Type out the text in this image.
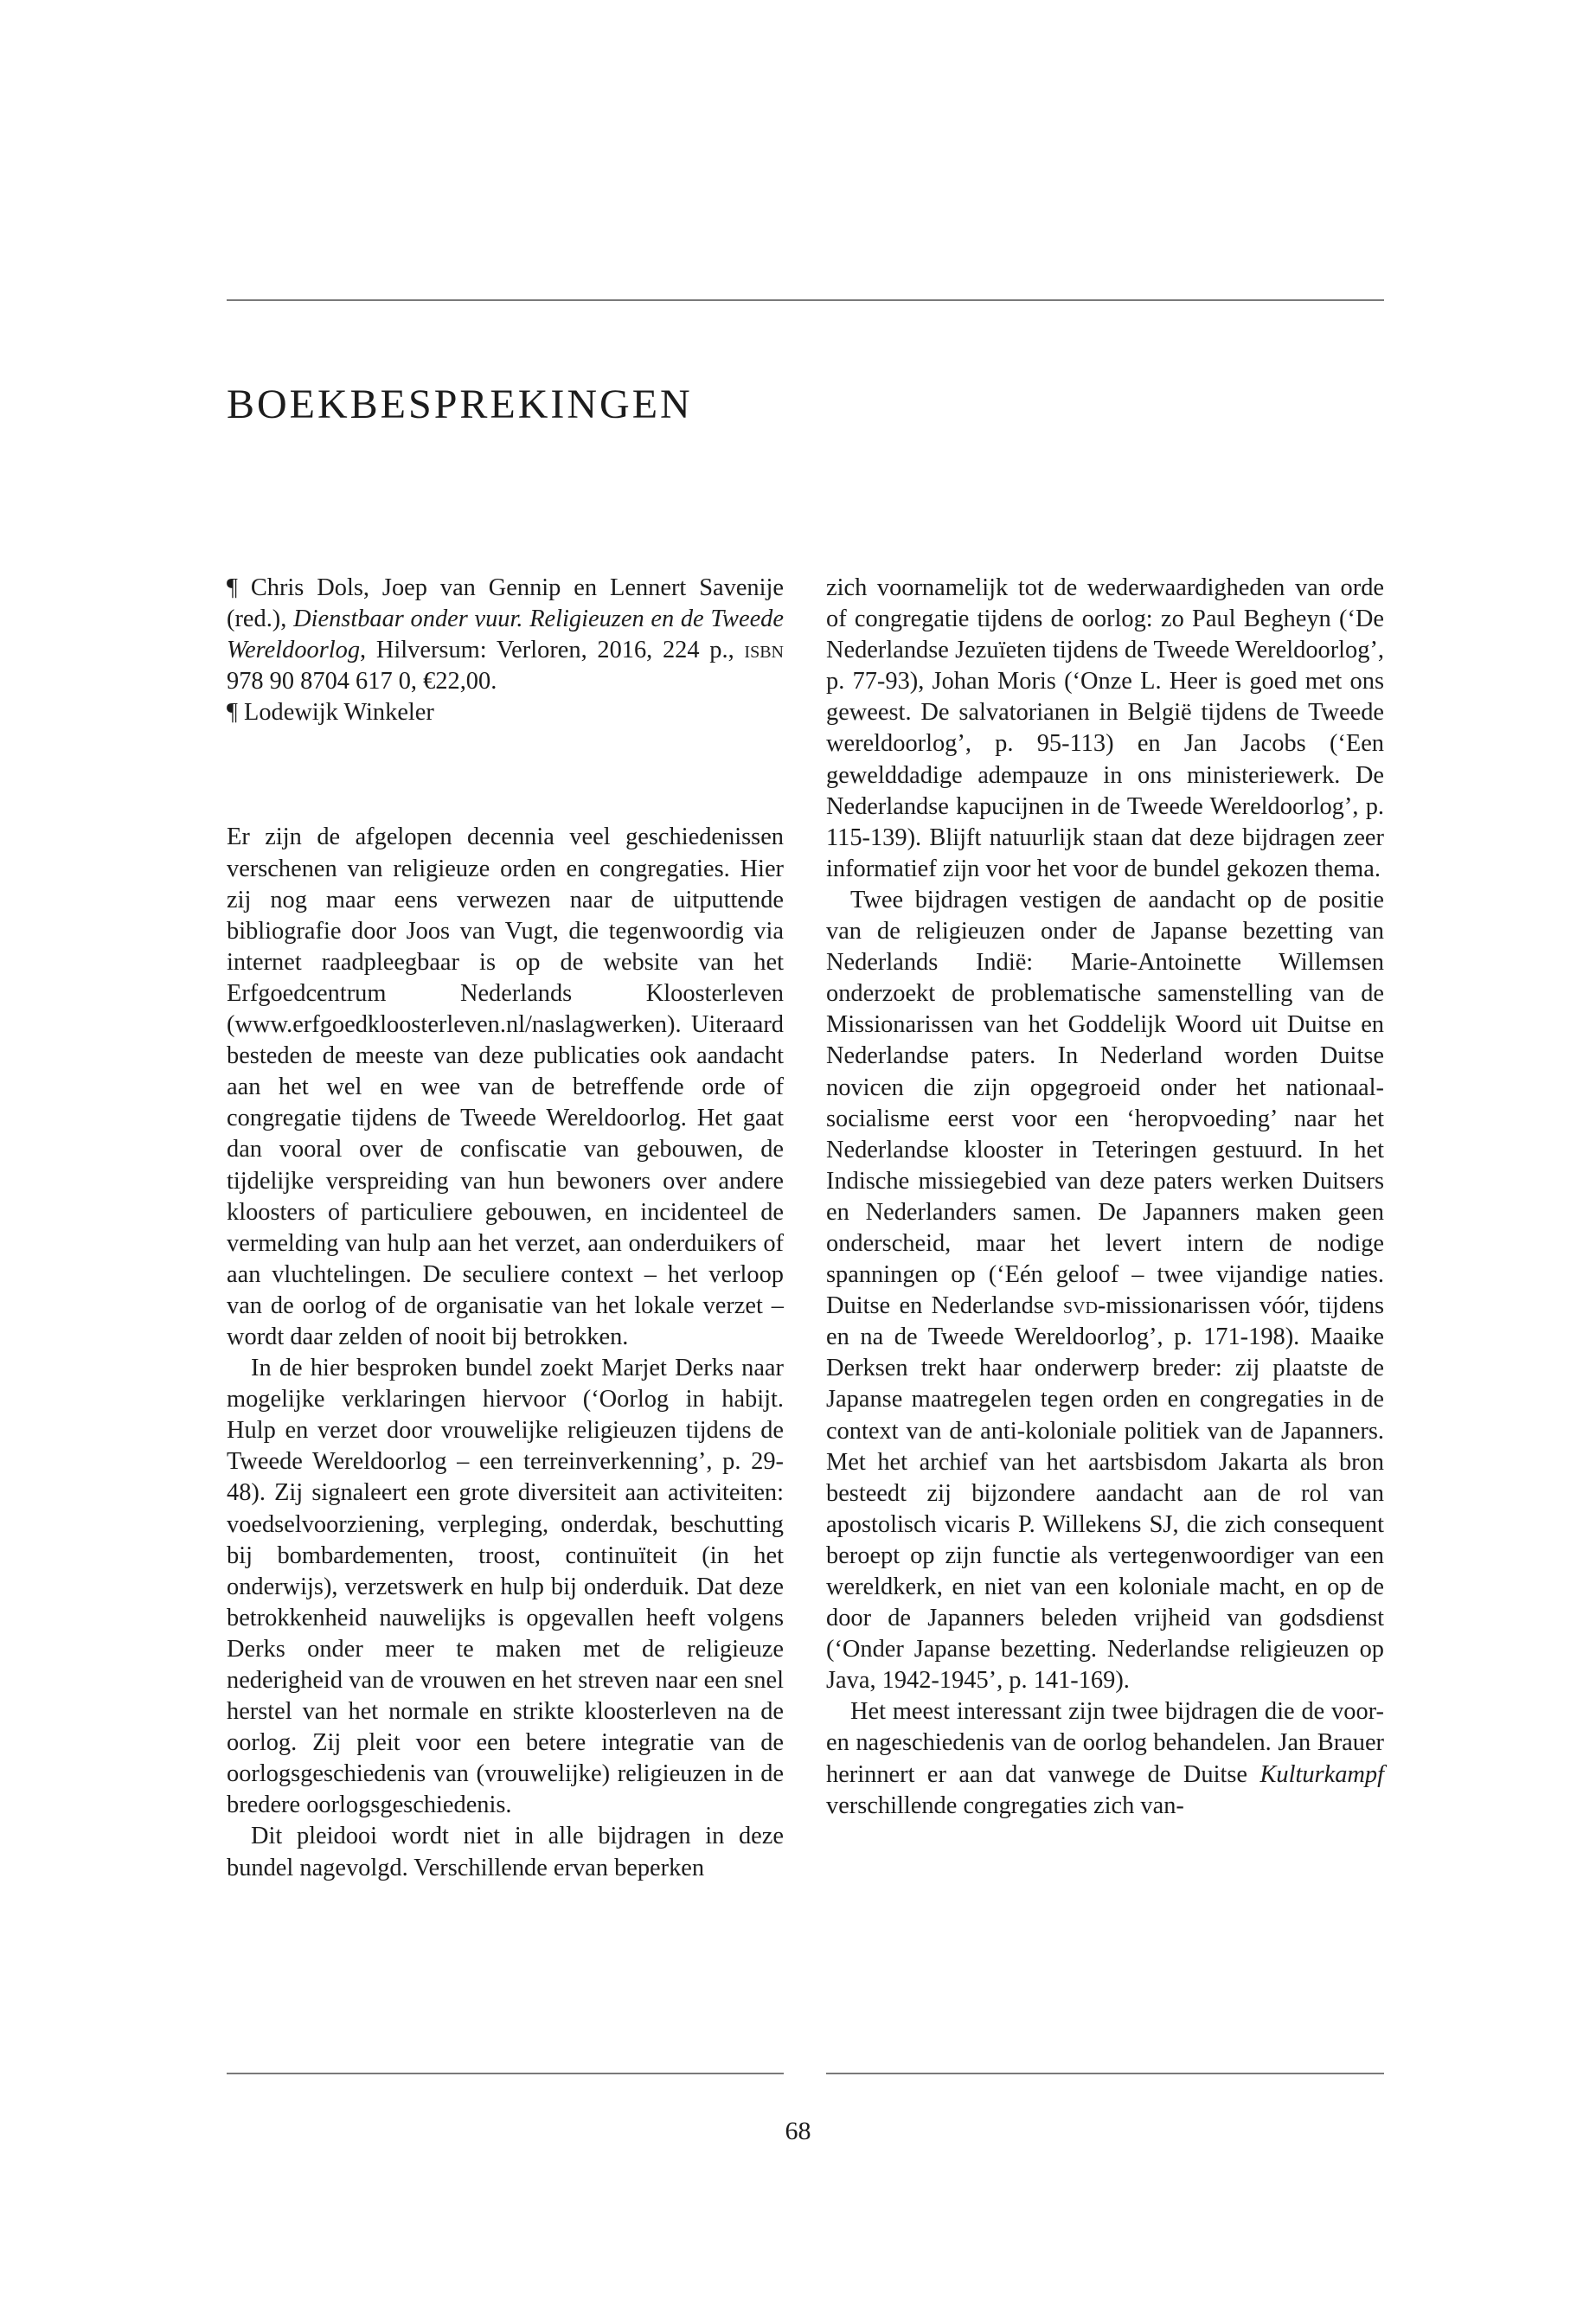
BOEKBESPREKINGEN

¶ Chris Dols, Joep van Gennip en Lennert Savenije (red.), Dienstbaar onder vuur. Religieuzen en de Tweede Wereldoorlog, Hilversum: Verloren, 2016, 224 p., isbn 978 90 8704 617 0, €22,00.

¶ Lodewijk Winkeler

Er zijn de afgelopen decennia veel geschiedenissen verschenen van religieuze orden en congregaties. Hier zij nog maar eens verwezen naar de uitputtende bibliografie door Joos van Vugt, die tegenwoordig via internet raadpleegbaar is op de website van het Erfgoedcentrum Nederlands Kloosterleven (www.erfgoedkloosterleven.nl/naslagwerken). Uiteraard besteden de meeste van deze publicaties ook aandacht aan het wel en wee van de betreffende orde of congregatie tijdens de Tweede Wereldoorlog. Het gaat dan vooral over de confiscatie van gebouwen, de tijdelijke verspreiding van hun bewoners over andere kloosters of particuliere gebouwen, en incidenteel de vermelding van hulp aan het verzet, aan onderduikers of aan vluchtelingen. De seculiere context – het verloop van de oorlog of de organisatie van het lokale verzet – wordt daar zelden of nooit bij betrokken.

In de hier besproken bundel zoekt Marjet Derks naar mogelijke verklaringen hiervoor (‘Oorlog in habijt. Hulp en verzet door vrouwelijke religieuzen tijdens de Tweede Wereldoorlog – een terreinverkenning’, p. 29-48). Zij signaleert een grote diversiteit aan activiteiten: voedselvoorziening, verpleging, onderdak, beschutting bij bombardementen, troost, continuïteit (in het onderwijs), verzetswerk en hulp bij onderduik. Dat deze betrokkenheid nauwelijks is opgevallen heeft volgens Derks onder meer te maken met de religieuze nederigheid van de vrouwen en het streven naar een snel herstel van het normale en strikte kloosterleven na de oorlog. Zij pleit voor een betere integratie van de oorlogsgeschiedenis van (vrouwelijke) religieuzen in de bredere oorlogsgeschiedenis.

Dit pleidooi wordt niet in alle bijdragen in deze bundel nagevolgd. Verschillende ervan beperken

zich voornamelijk tot de wederwaardigheden van orde of congregatie tijdens de oorlog: zo Paul Begheyn (‘De Nederlandse Jezuïeten tijdens de Tweede Wereldoorlog’, p. 77-93), Johan Moris (‘Onze L. Heer is goed met ons geweest. De salvatorianen in België tijdens de Tweede wereldoorlog’, p. 95-113) en Jan Jacobs (‘Een gewelddadige adempauze in ons ministeriewerk. De Nederlandse kapucijnen in de Tweede Wereldoorlog’, p. 115-139). Blijft natuurlijk staan dat deze bijdragen zeer informatief zijn voor het voor de bundel gekozen thema.

Twee bijdragen vestigen de aandacht op de positie van de religieuzen onder de Japanse bezetting van Nederlands Indië: Marie-Antoinette Willemsen onderzoekt de problematische samenstelling van de Missionarissen van het Goddelijk Woord uit Duitse en Nederlandse paters. In Nederland worden Duitse novicen die zijn opgegroeid onder het nationaal-socialisme eerst voor een ‘heropvoeding’ naar het Nederlandse klooster in Teteringen gestuurd. In het Indische missiegebied van deze paters werken Duitsers en Nederlanders samen. De Japanners maken geen onderscheid, maar het levert intern de nodige spanningen op (‘Eén geloof – twee vijandige naties. Duitse en Nederlandse svd-missionarissen vóór, tijdens en na de Tweede Wereldoorlog’, p. 171-198). Maaike Derksen trekt haar onderwerp breder: zij plaatste de Japanse maatregelen tegen orden en congregaties in de context van de anti-koloniale politiek van de Japanners. Met het archief van het aartsbisdom Jakarta als bron besteedt zij bijzondere aandacht aan de rol van apostolisch vicaris P. Willekens SJ, die zich consequent beroept op zijn functie als vertegenwoordiger van een wereldkerk, en niet van een koloniale macht, en op de door de Japanners beleden vrijheid van godsdienst (‘Onder Japanse bezetting. Nederlandse religieuzen op Java, 1942-1945’, p. 141-169).

Het meest interessant zijn twee bijdragen die de voor- en nageschiedenis van de oorlog behandelen. Jan Brauer herinnert er aan dat vanwege de Duitse Kulturkampf verschillende congregaties zich van-

68
